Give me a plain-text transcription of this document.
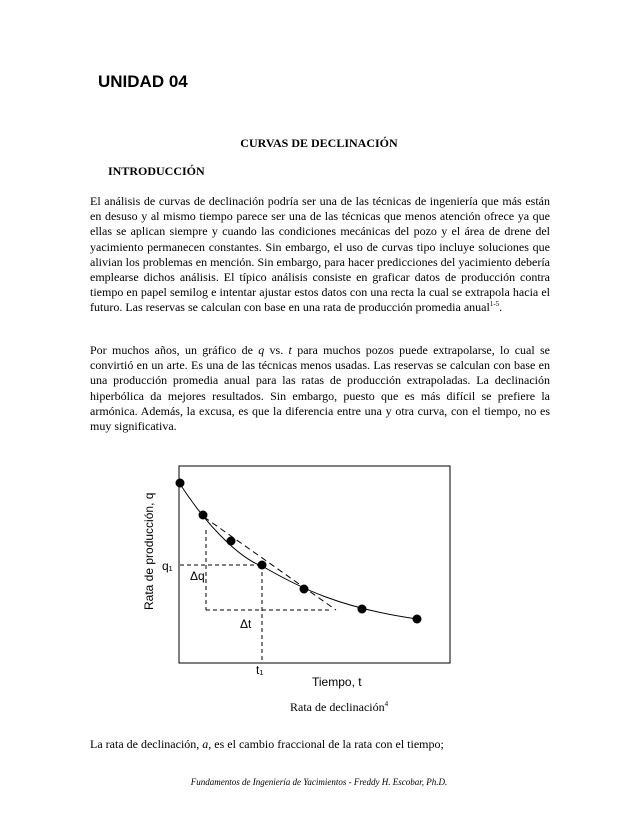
UNIDAD 04
CURVAS DE DECLINACIÓN
INTRODUCCIÓN

El análisis de curvas de declinación podría ser una de las técnicas de ingeniería que más están en desuso y al mismo tiempo parece ser una de las técnicas que menos atención ofrece ya que ellas se aplican siempre y cuando las condiciones mecánicas del pozo y el área de drene del yacimiento permanecen constantes. Sin embargo, el uso de curvas tipo incluye soluciones que alivian los problemas en mención. Sin embargo, para hacer predicciones del yacimiento debería emplearse dichos análisis. El típico análisis consiste en graficar datos de producción contra tiempo en papel semilog e intentar ajustar estos datos con una recta la cual se extrapola hacia el futuro. Las reservas se calculan con base en una rata de producción promedia anual$^{1-5}$.

Por muchos años, un gráfico de q vs. t para muchos pozos puede extrapolarse, lo cual se convirtió en un arte. Es una de las técnicas menos usadas. Las reservas se calculan con base en una producción promedia anual para las ratas de producción extrapoladas. La declinación hiperbólica da mejores resultados. Sin embargo, puesto que es más difícil se prefiere la armónica. Además, la excusa, es que la diferencia entre una y otra curva, con el tiempo, no es muy significativa.

Rata de producción, q q₁
Δq
Δt
t₁
Tiempo, t

Rata de declinación$^4$

La rata de declinación, a, es el cambio fraccional de la rata con el tiempo;

Fundamentos de Ingeniería de Yacimientos - Freddy H. Escobar, Ph.D.
